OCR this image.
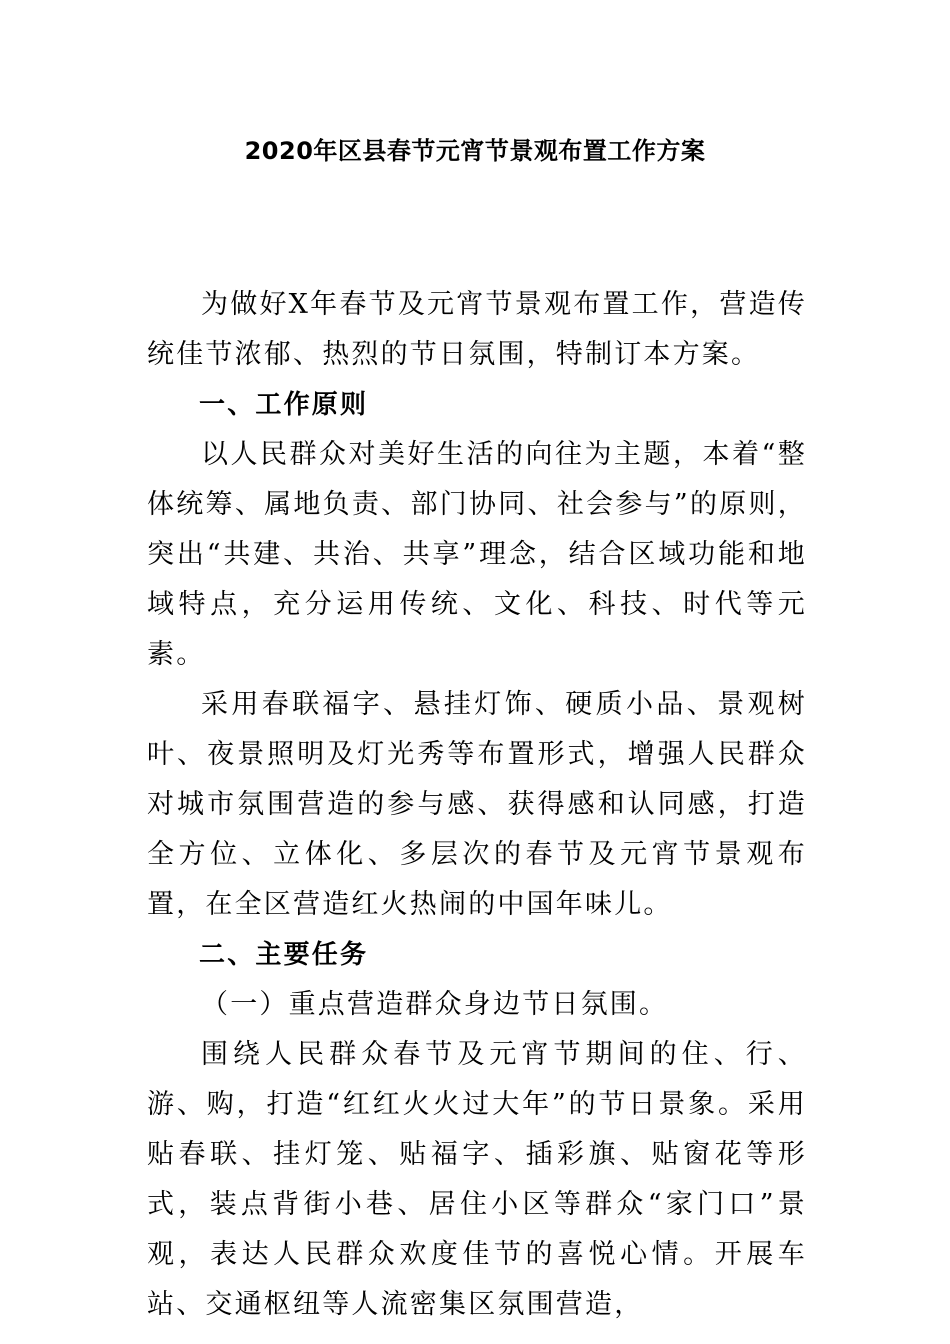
2020年区县春节元宵节景观布置工作方案

为做好X年春节及元宵节景观布置工作，营造传统佳节浓郁、热烈的节日氛围，特制订本方案。

一、工作原则

以人民群众对美好生活的向往为主题，本着“整体统筹、属地负责、部门协同、社会参与”的原则，突出“共建、共治、共享”理念，结合区域功能和地域特点，充分运用传统、文化、科技、时代等元素。

采用春联福字、悬挂灯饰、硬质小品、景观树叶、夜景照明及灯光秀等布置形式，增强人民群众对城市氛围营造的参与感、获得感和认同感，打造全方位、立体化、多层次的春节及元宵节景观布置，在全区营造红火热闹的中国年味儿。

二、主要任务

（一）重点营造群众身边节日氛围。

围绕人民群众春节及元宵节期间的住、行、游、购，打造“红红火火过大年”的节日景象。采用贴春联、挂灯笼、贴福字、插彩旗、贴窗花等形式，装点背街小巷、居住小区等群众“家门口”景观，表达人民群众欢度佳节的喜悦心情。开展车站、交通枢纽等人流密集区氛围营造，
